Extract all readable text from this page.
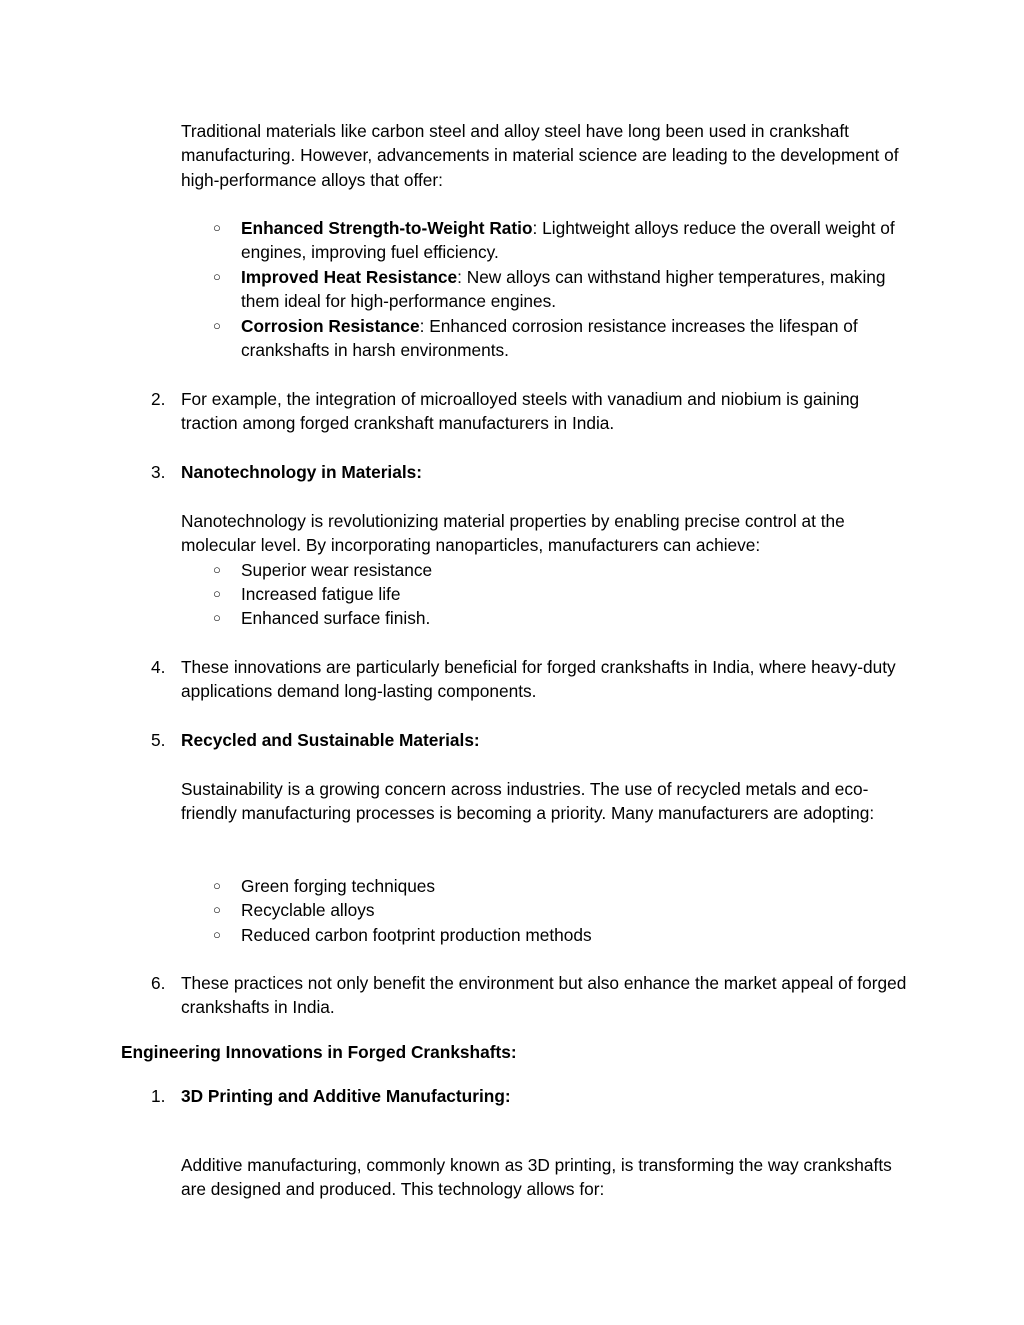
Traditional materials like carbon steel and alloy steel have long been used in crankshaft manufacturing. However, advancements in material science are leading to the development of high-performance alloys that offer:

○ Enhanced Strength-to-Weight Ratio: Lightweight alloys reduce the overall weight of engines, improving fuel efficiency.

○ Improved Heat Resistance: New alloys can withstand higher temperatures, making them ideal for high-performance engines.

○ Corrosion Resistance: Enhanced corrosion resistance increases the lifespan of crankshafts in harsh environments.

2. For example, the integration of microalloyed steels with vanadium and niobium is gaining traction among forged crankshaft manufacturers in India.

3. Nanotechnology in Materials:

Nanotechnology is revolutionizing material properties by enabling precise control at the molecular level. By incorporating nanoparticles, manufacturers can achieve:

○ Superior wear resistance

○ Increased fatigue life

○ Enhanced surface finish.

4. These innovations are particularly beneficial for forged crankshafts in India, where heavy-duty applications demand long-lasting components.

5. Recycled and Sustainable Materials:

Sustainability is a growing concern across industries. The use of recycled metals and eco-friendly manufacturing processes is becoming a priority. Many manufacturers are adopting:

○ Green forging techniques

○ Recyclable alloys

○ Reduced carbon footprint production methods

6. These practices not only benefit the environment but also enhance the market appeal of forged crankshafts in India.

Engineering Innovations in Forged Crankshafts:

1. 3D Printing and Additive Manufacturing:

Additive manufacturing, commonly known as 3D printing, is transforming the way crankshafts are designed and produced. This technology allows for:
